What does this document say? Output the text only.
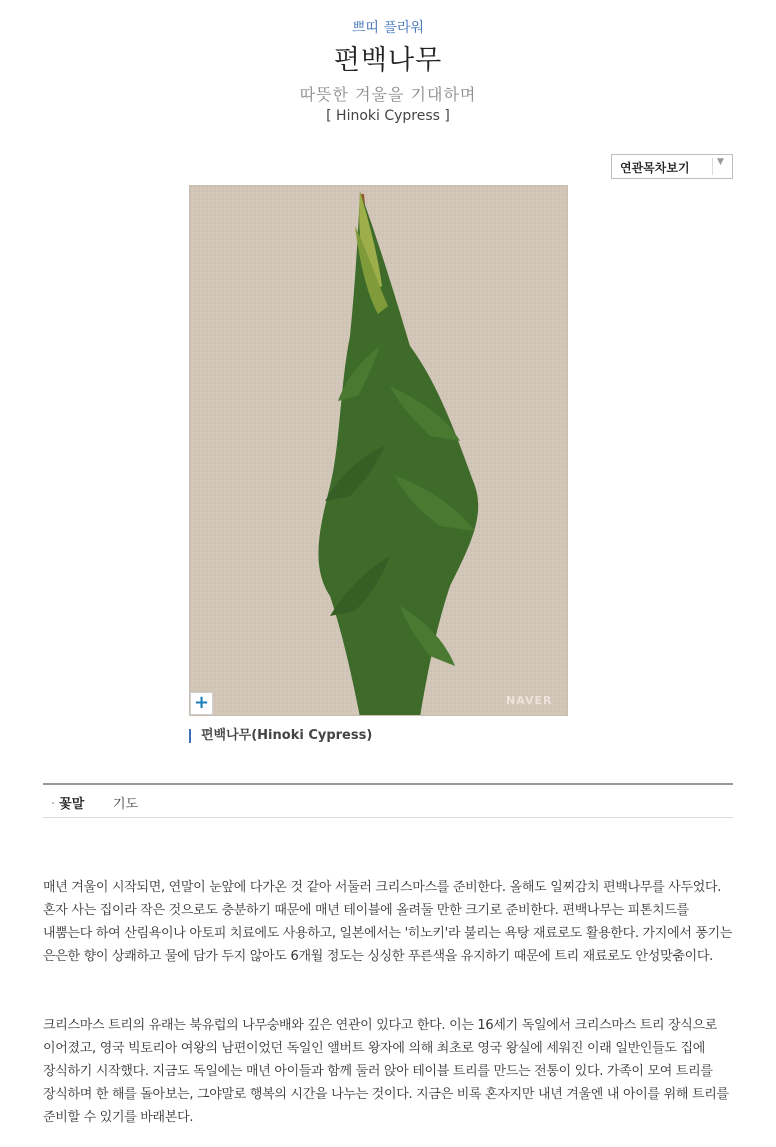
쁘띠 플라워
편백나무
따뜻한 겨울을 기대하며
[ Hinoki Cypress ]
연관목차보기	▼
+	NAVER
편백나무(Hinoki Cypress)
· 꽃말 기도

매년 겨울이 시작되면, 연말이 눈앞에 다가온 것 같아 서둘러 크리스마스를 준비한다. 올해도 일찌감치 편백나무를 사두었다. 혼자 사는 집이라 작은 것으로도 충분하기 때문에 매년 테이블에 올려둘 만한 크기로 준비한다. 편백나무는 피톤치드를 내뿜는다 하여 산림욕이나 아토피 치료에도 사용하고, 일본에서는 '히노키'라 불리는 욕탕 재료로도 활용한다. 가지에서 풍기는 은은한 향이 상쾌하고 물에 담가 두지 않아도 6개월 정도는 싱싱한 푸른색을 유지하기 때문에 트리 재료로도 안성맞춤이다.

크리스마스 트리의 유래는 북유럽의 나무숭배와 깊은 연관이 있다고 한다. 이는 16세기 독일에서 크리스마스 트리 장식으로 이어졌고, 영국 빅토리아 여왕의 남편이었던 독일인 앨버트 왕자에 의해 최초로 영국 왕실에 세워진 이래 일반인들도 집에 장식하기 시작했다. 지금도 독일에는 매년 아이들과 함께 둘러 앉아 테이블 트리를 만드는 전통이 있다. 가족이 모여 트리를 장식하며 한 해를 돌아보는, 그야말로 행복의 시간을 나누는 것이다. 지금은 비록 혼자지만 내년 겨울엔 내 아이를 위해 트리를 준비할 수 있기를 바래본다.
